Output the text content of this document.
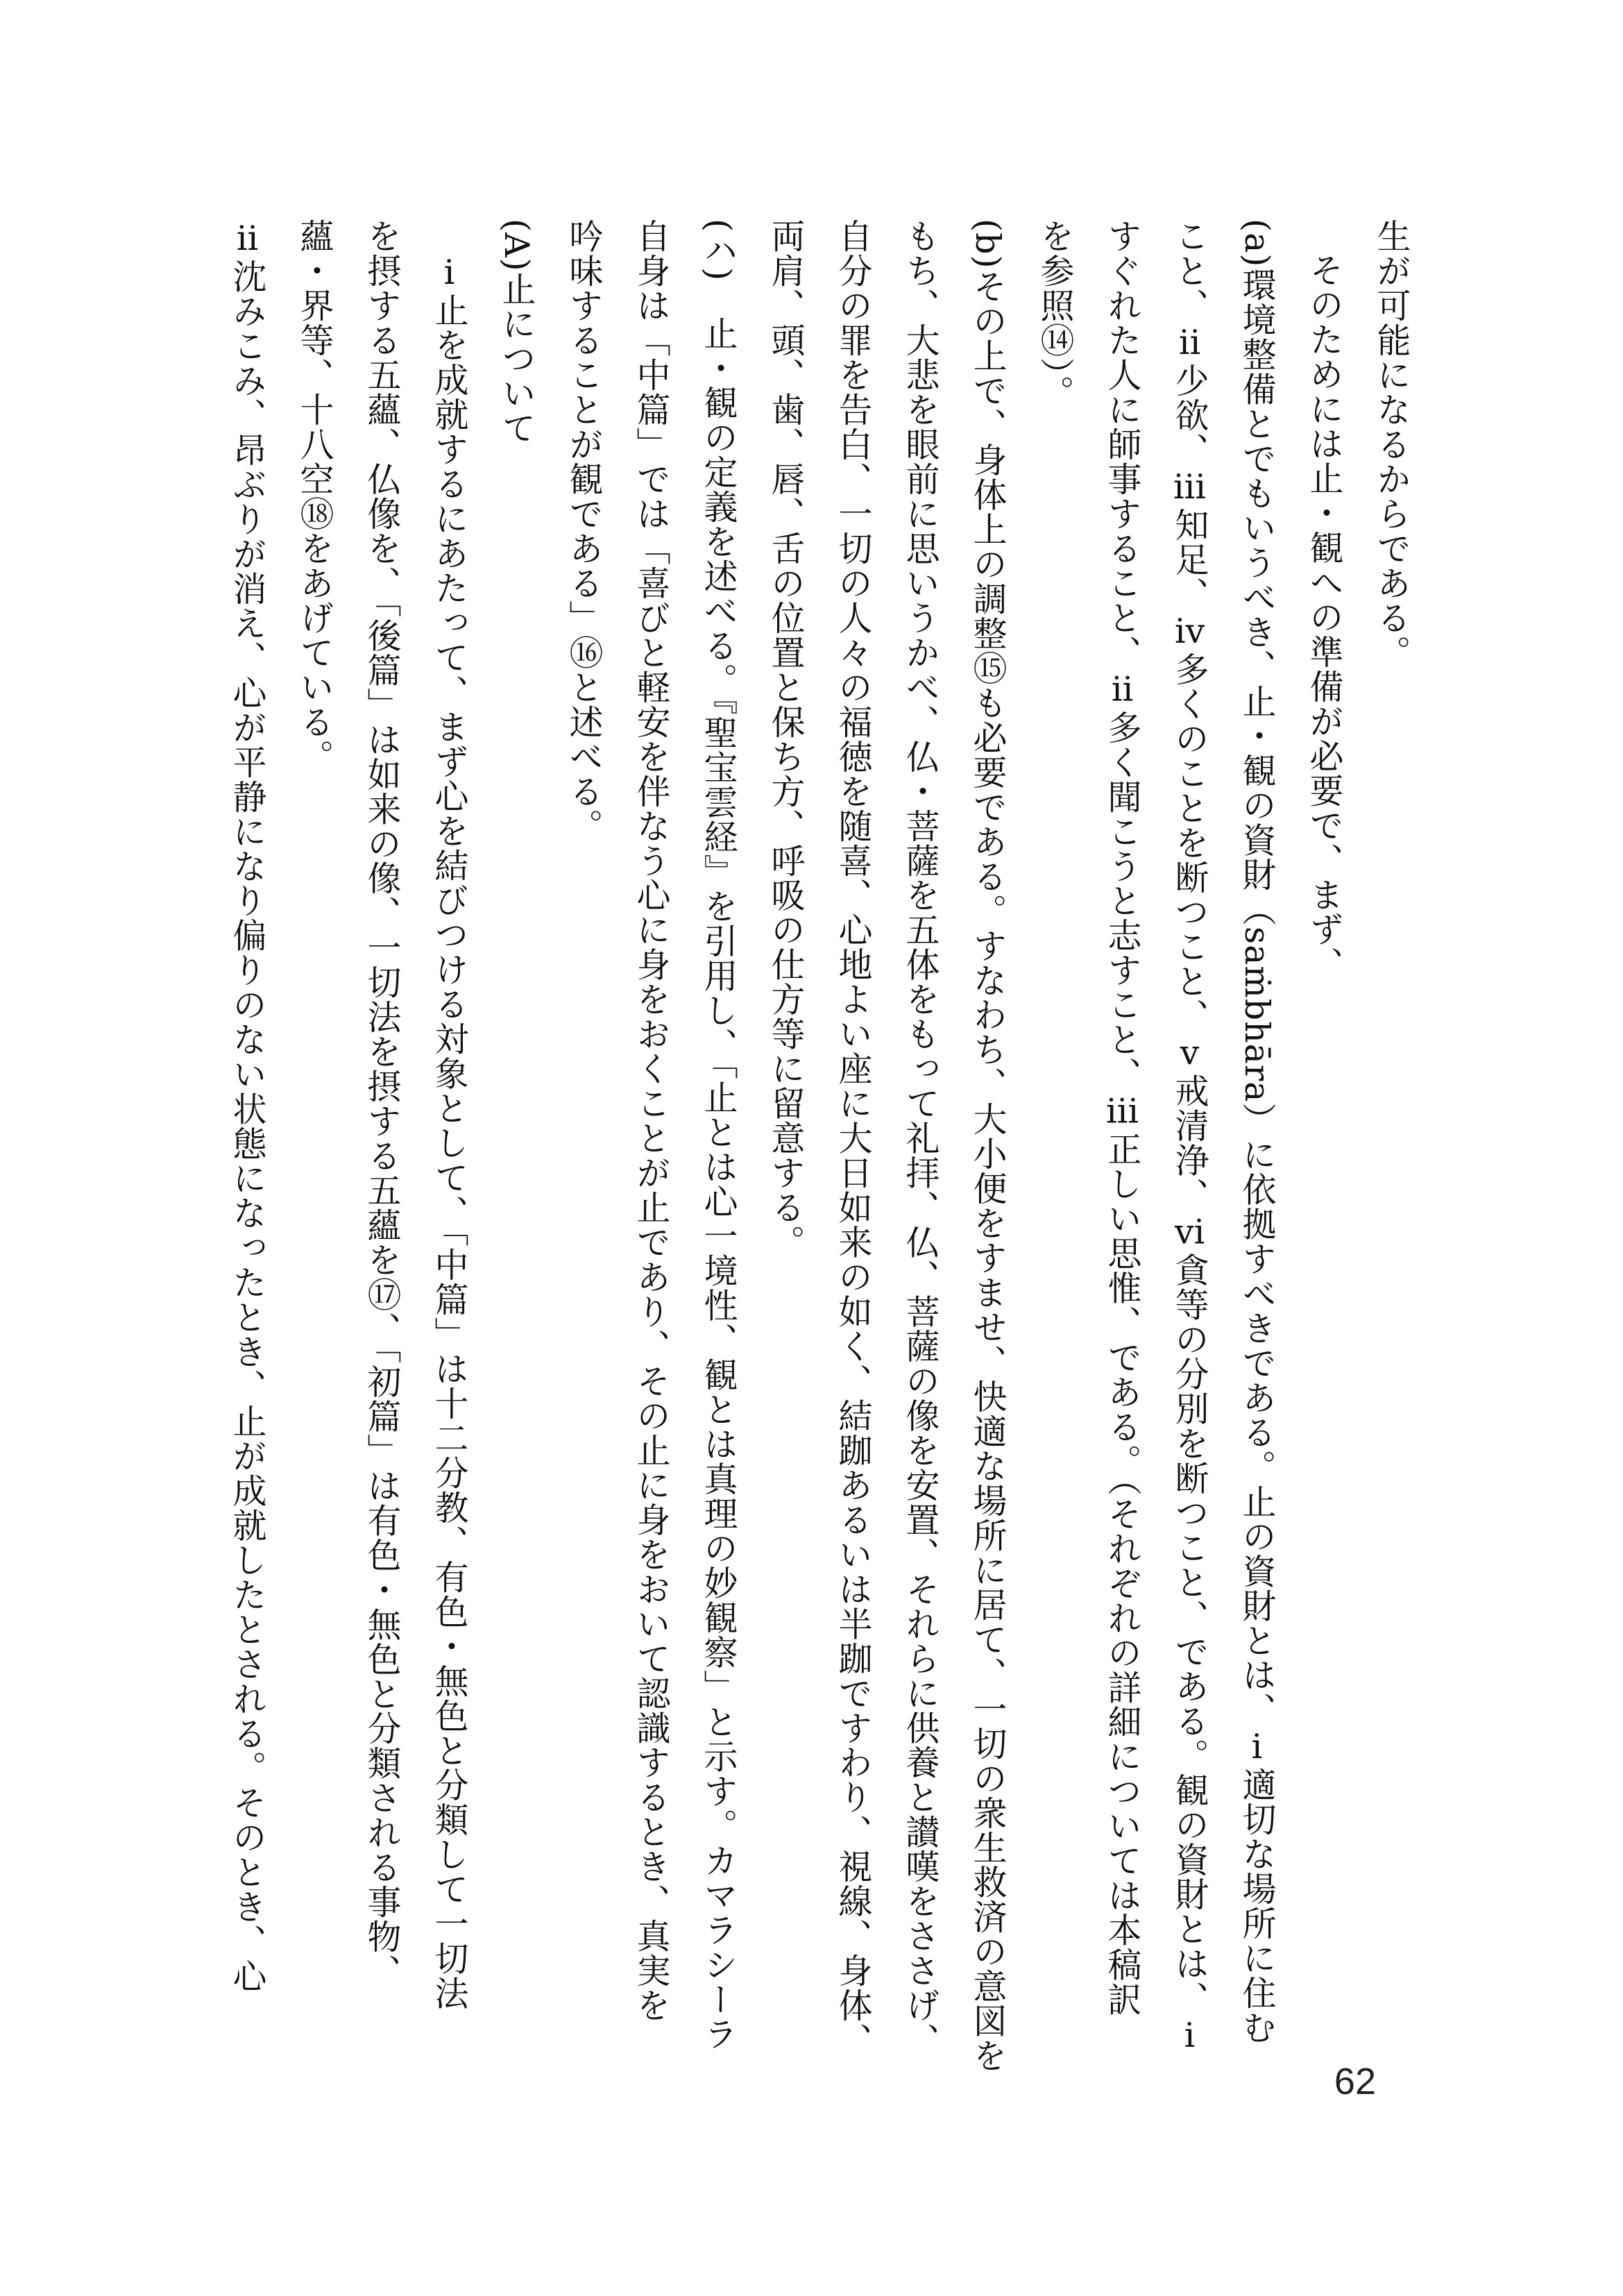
生が可能になるからである。
そのためには止・観への準備が必要で、まず、
(a)環境整備とでもいうべき、止・観の資財（saṁbhāra）に依拠すべきである。止の資財とは、ⅰ適切な場所に住む
こと、ⅱ少欲、ⅲ知足、ⅳ多くのことを断つこと、ⅴ戒清浄、ⅵ貪等の分別を断つこと、である。観の資財とは、ⅰ
すぐれた人に師事すること、ⅱ多く聞こうと志すこと、ⅲ正しい思惟、である。（それぞれの詳細については本稿訳
を参照⑭）。
(b)その上で、身体上の調整⑮も必要である。すなわち、大小便をすませ、快適な場所に居て、一切の衆生救済の意図を
もち、大悲を眼前に思いうかべ、仏・菩薩を五体をもって礼拝、仏、菩薩の像を安置、それらに供養と讃嘆をささげ、
自分の罪を告白、一切の人々の福徳を随喜、心地よい座に大日如来の如く、結跏あるいは半跏ですわり、視線、身体、
両肩、頭、歯、唇、舌の位置と保ち方、呼吸の仕方等に留意する。
(ハ)　止・観の定義を述べる。『聖宝雲経』を引用し、「止とは心一境性、観とは真理の妙観察」と示す。カマラシーラ
自身は「中篇」では「喜びと軽安を伴なう心に身をおくことが止であり、その止に身をおいて認識するとき、真実を
吟味することが観である」⑯と述べる。
(A)止について
ⅰ止を成就するにあたって、まず心を結びつける対象として、「中篇」は十二分教、有色・無色と分類して一切法
を摂する五蘊、仏像を、「後篇」は如来の像、一切法を摂する五蘊を⑰、「初篇」は有色・無色と分類される事物、
蘊・界等、十八空⑱をあげている。
ⅱ沈みこみ、昂ぶりが消え、心が平静になり偏りのない状態になったとき、止が成就したとされる。そのとき、心
62
